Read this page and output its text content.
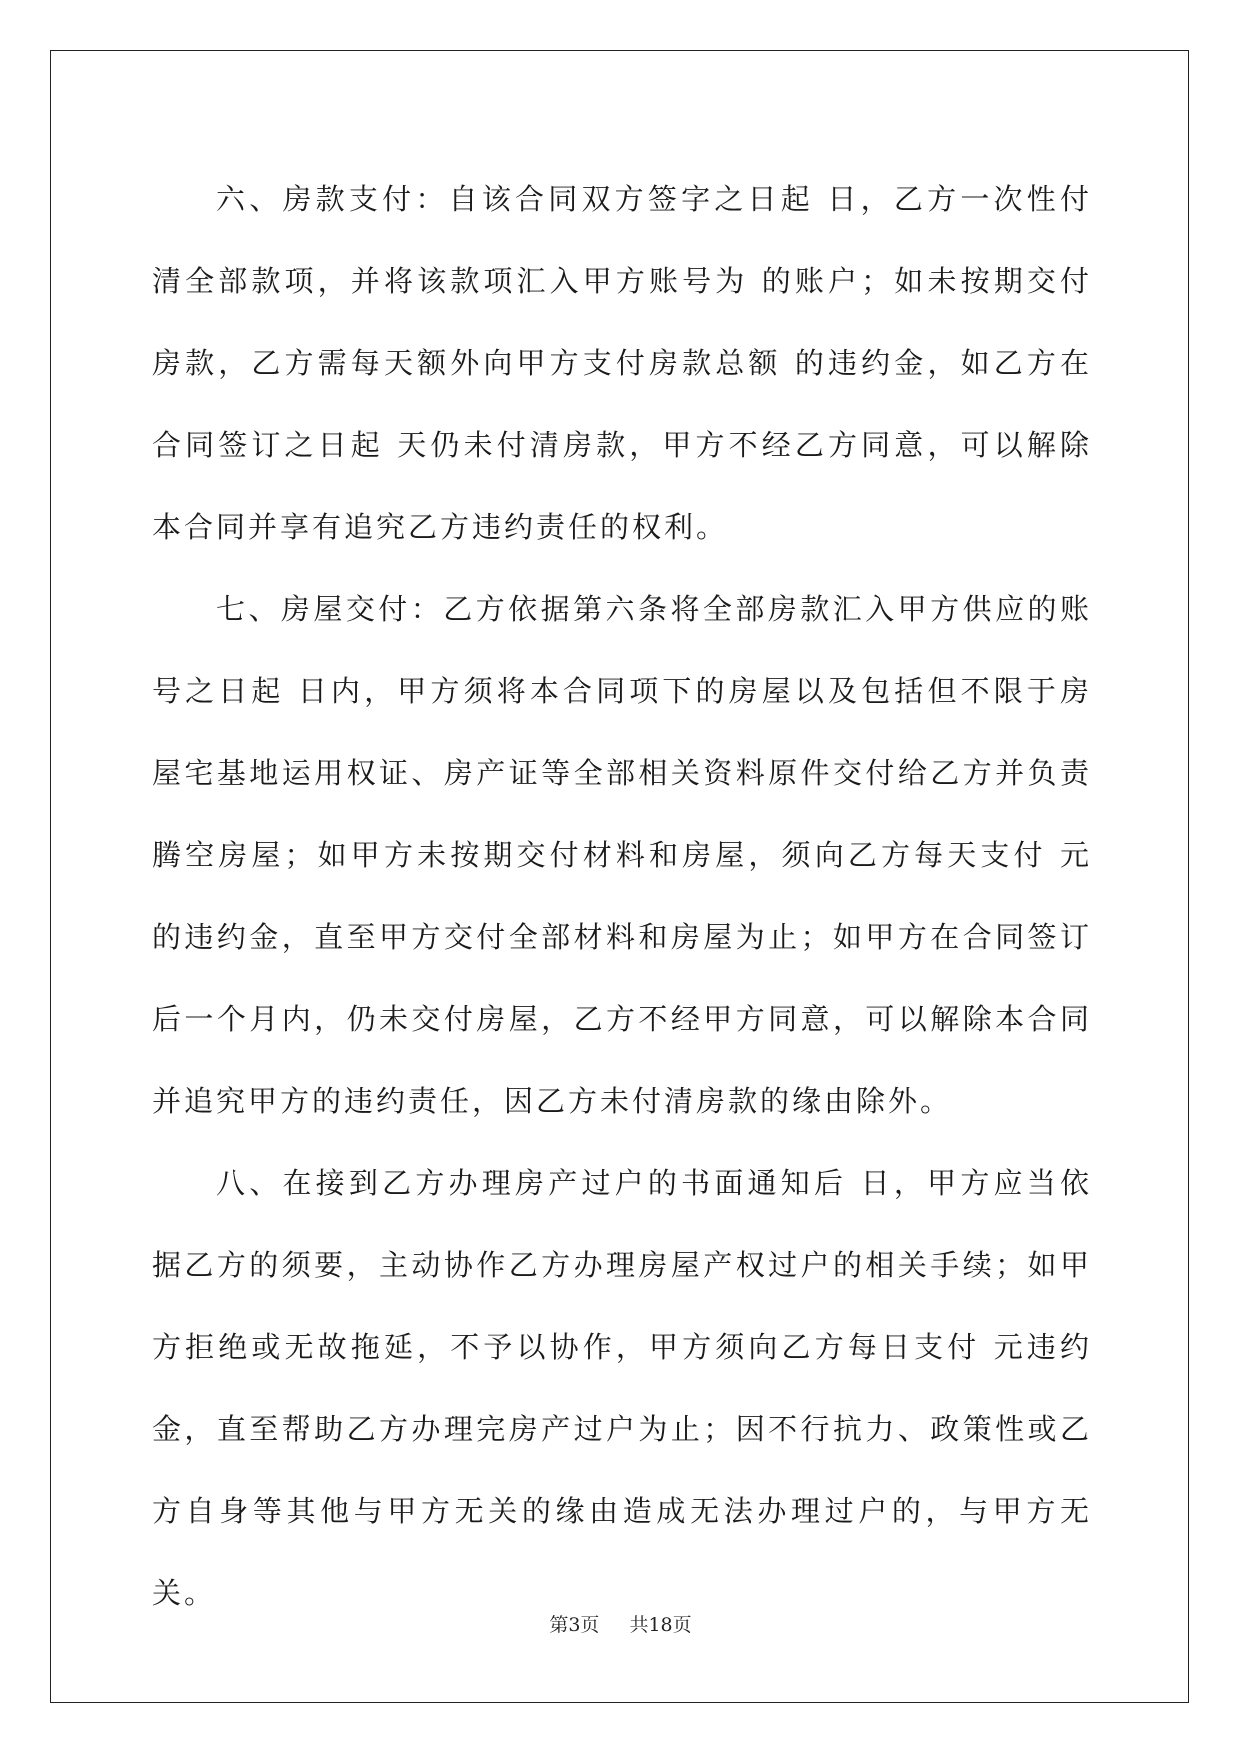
六、房款支付：自该合同双方签字之日起 日，乙方一次性付清全部款项，并将该款项汇入甲方账号为 的账户；如未按期交付房款，乙方需每天额外向甲方支付房款总额 的违约金，如乙方在合同签订之日起 天仍未付清房款，甲方不经乙方同意，可以解除本合同并享有追究乙方违约责任的权利。

七、房屋交付：乙方依据第六条将全部房款汇入甲方供应的账号之日起 日内，甲方须将本合同项下的房屋以及包括但不限于房屋宅基地运用权证、房产证等全部相关资料原件交付给乙方并负责腾空房屋；如甲方未按期交付材料和房屋，须向乙方每天支付 元的违约金，直至甲方交付全部材料和房屋为止；如甲方在合同签订后一个月内，仍未交付房屋，乙方不经甲方同意，可以解除本合同并追究甲方的违约责任，因乙方未付清房款的缘由除外。

八、在接到乙方办理房产过户的书面通知后 日，甲方应当依据乙方的须要，主动协作乙方办理房屋产权过户的相关手续；如甲方拒绝或无故拖延，不予以协作，甲方须向乙方每日支付 元违约金，直至帮助乙方办理完房产过户为止；因不行抗力、政策性或乙方自身等其他与甲方无关的缘由造成无法办理过户的，与甲方无关。

第3页 共18页
